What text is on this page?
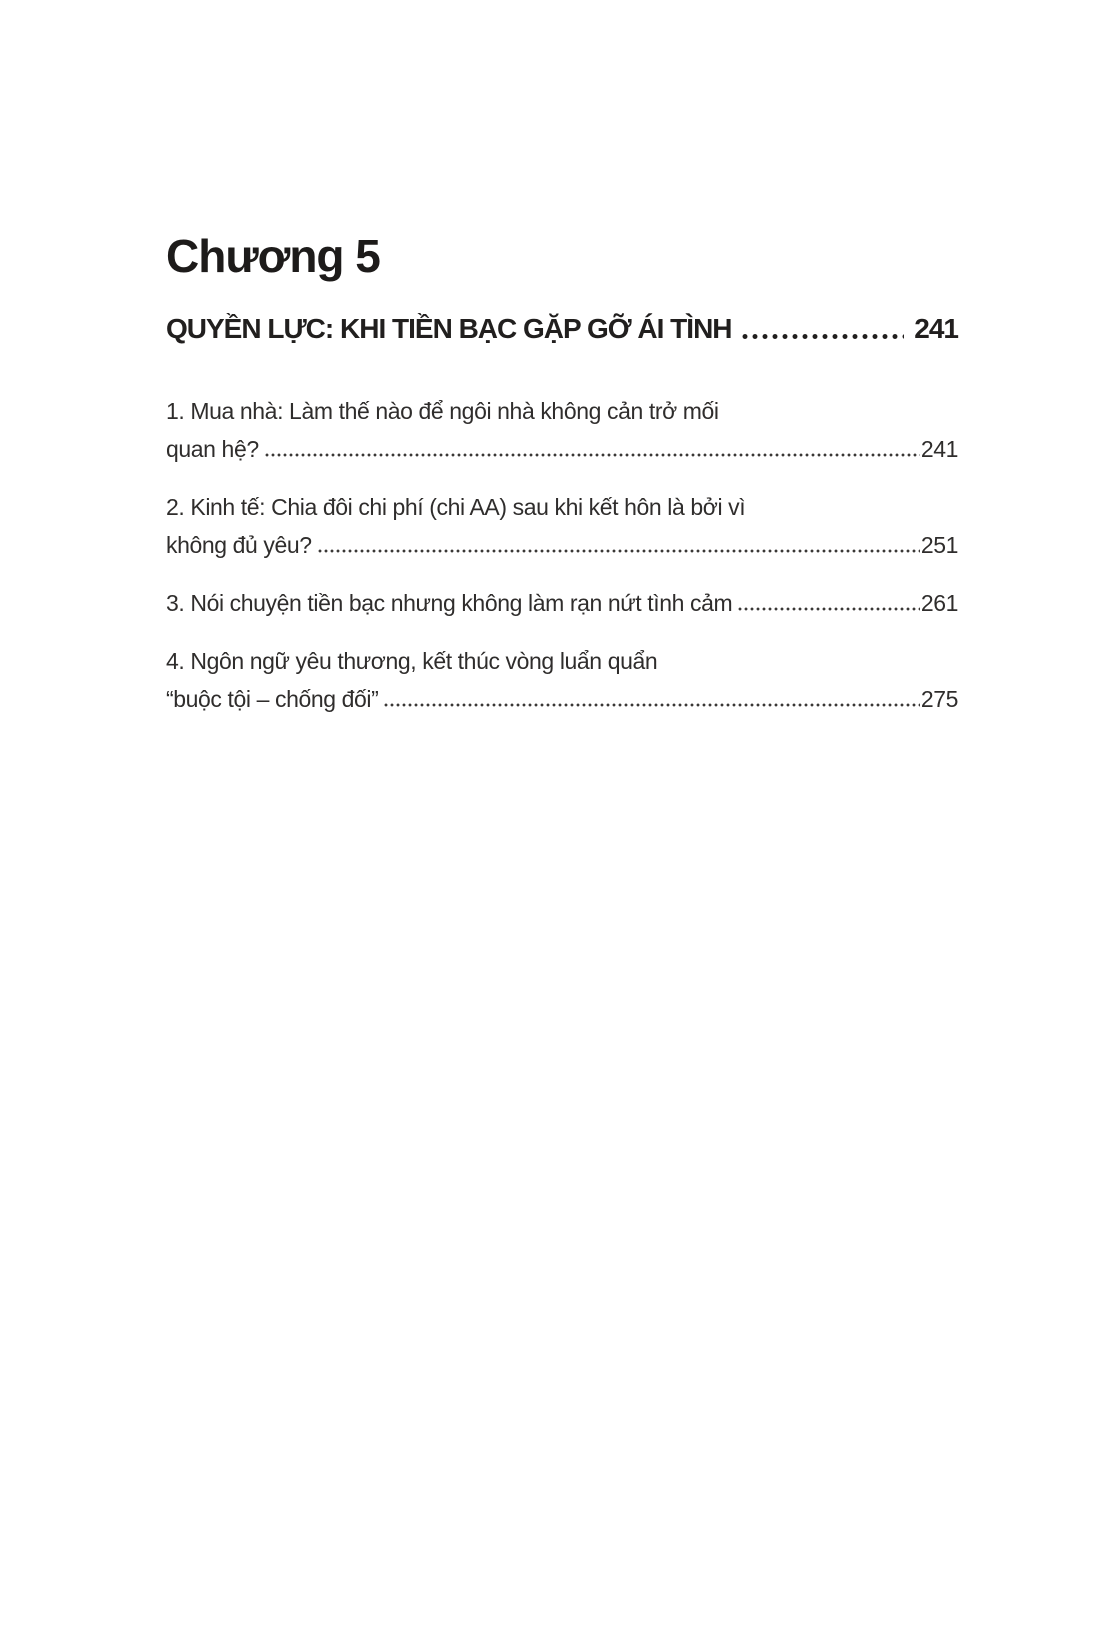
Chương 5
QUYỀN LỰC: KHI TIỀN BẠC GẶP GỠ ÁI TÌNH	241
1. Mua nhà: Làm thế nào để ngôi nhà không cản trở mối
quan hệ?	241
2. Kinh tế: Chia đôi chi phí (chi AA) sau khi kết hôn là bởi vì
không đủ yêu?	251
3. Nói chuyện tiền bạc nhưng không làm rạn nứt tình cảm	261
4. Ngôn ngữ yêu thương, kết thúc vòng luẩn quẩn
“buộc tội – chống đối”	275
